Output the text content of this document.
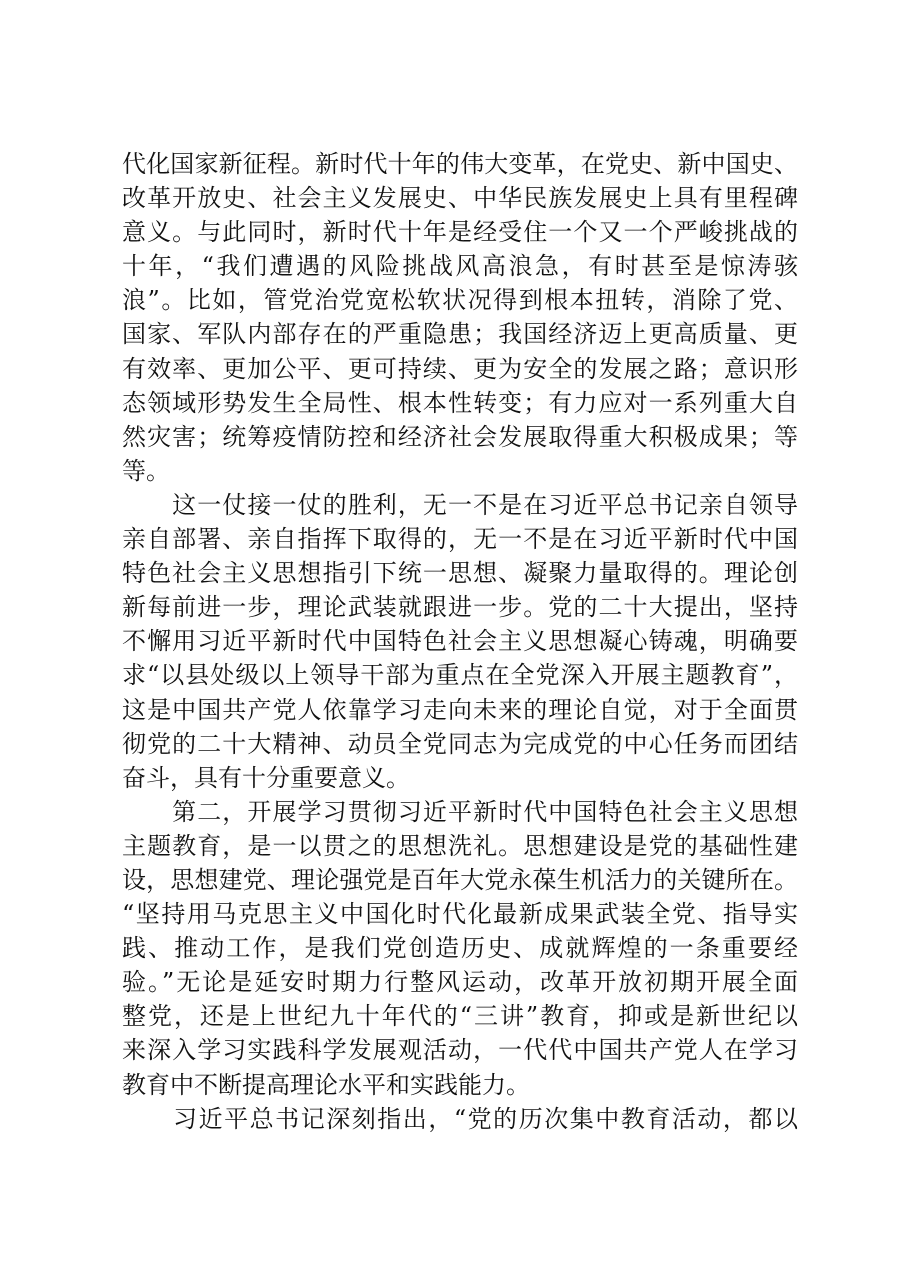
代化国家新征程。新时代十年的伟大变革，在党史、新中国史、
改革开放史、社会主义发展史、中华民族发展史上具有里程碑
意义。与此同时，新时代十年是经受住一个又一个严峻挑战的
十年，“我们遭遇的风险挑战风高浪急，有时甚至是惊涛骇
浪”。比如，管党治党宽松软状况得到根本扭转，消除了党、
国家、军队内部存在的严重隐患；我国经济迈上更高质量、更
有效率、更加公平、更可持续、更为安全的发展之路；意识形
态领域形势发生全局性、根本性转变；有力应对一系列重大自
然灾害；统筹疫情防控和经济社会发展取得重大积极成果；等
等。
　　这一仗接一仗的胜利，无一不是在习近平总书记亲自领导
亲自部署、亲自指挥下取得的，无一不是在习近平新时代中国
特色社会主义思想指引下统一思想、凝聚力量取得的。理论创
新每前进一步，理论武装就跟进一步。党的二十大提出，坚持
不懈用习近平新时代中国特色社会主义思想凝心铸魂，明确要
求“以县处级以上领导干部为重点在全党深入开展主题教育”，
这是中国共产党人依靠学习走向未来的理论自觉，对于全面贯
彻党的二十大精神、动员全党同志为完成党的中心任务而团结
奋斗，具有十分重要意义。
　　第二，开展学习贯彻习近平新时代中国特色社会主义思想
主题教育，是一以贯之的思想洗礼。思想建设是党的基础性建
设，思想建党、理论强党是百年大党永葆生机活力的关键所在。
“坚持用马克思主义中国化时代化最新成果武装全党、指导实
践、推动工作，是我们党创造历史、成就辉煌的一条重要经
验。”无论是延安时期力行整风运动，改革开放初期开展全面
整党，还是上世纪九十年代的“三讲”教育，抑或是新世纪以
来深入学习实践科学发展观活动，一代代中国共产党人在学习
教育中不断提高理论水平和实践能力。
　　习近平总书记深刻指出，“党的历次集中教育活动，都以
